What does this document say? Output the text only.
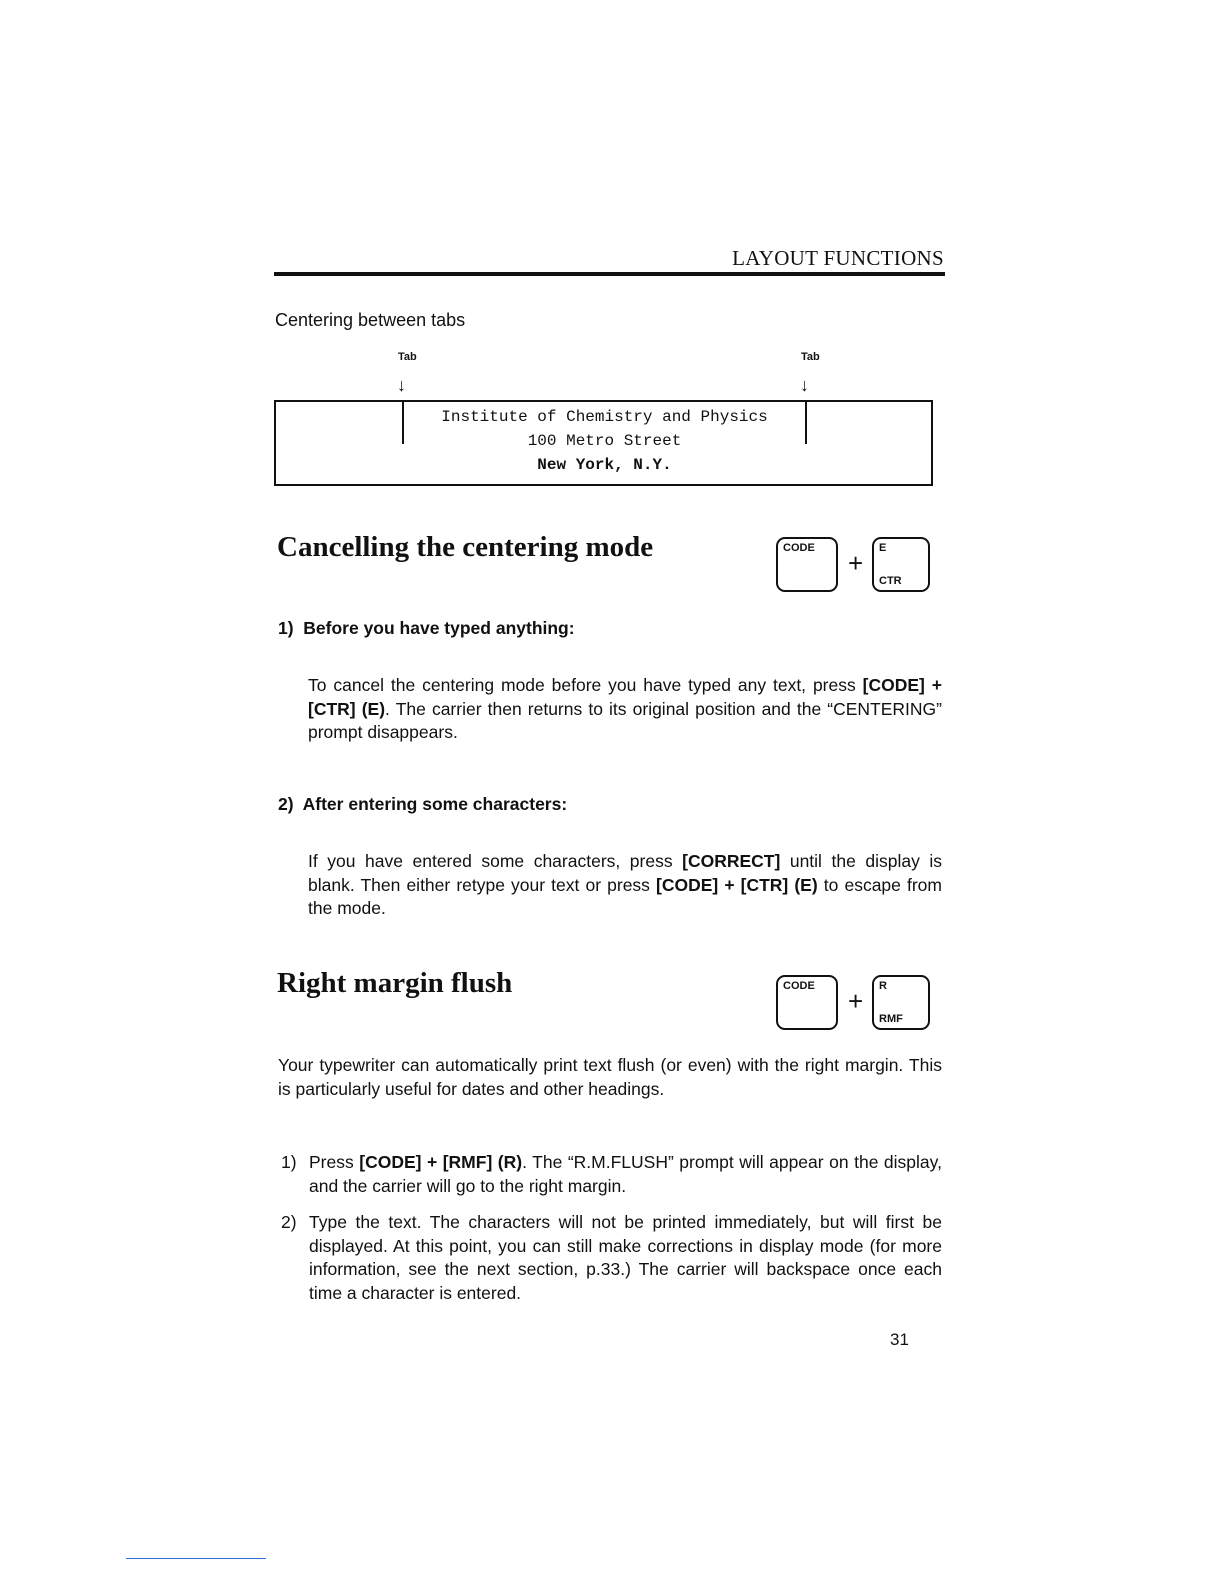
LAYOUT FUNCTIONS
Centering between tabs
Tab	Tab
↓	↓
Institute of Chemistry and Physics
100 Metro Street
New York, N.Y.
Cancelling the centering mode	CODE + E
CTR
1)  Before you have typed anything:
To cancel the centering mode before you have typed any text, press [CODE] + [CTR] (E). The carrier then returns to its original position and the “CENTERING” prompt disappears.
2)  After entering some characters:
If you have entered some characters, press [CORRECT] until the display is blank. Then either retype your text or press [CODE] + [CTR] (E) to escape from the mode.
Right margin flush	CODE + R
RMF
Your typewriter can automatically print text flush (or even) with the right margin. This is particularly useful for dates and other headings.
1) Press [CODE] + [RMF] (R). The “R.M.FLUSH” prompt will appear on the display, and the carrier will go to the right margin.
2) Type the text. The characters will not be printed immediately, but will first be displayed. At this point, you can still make corrections in display mode (for more information, see the next section, p.33.) The carrier will backspace once each time a character is entered.
31
